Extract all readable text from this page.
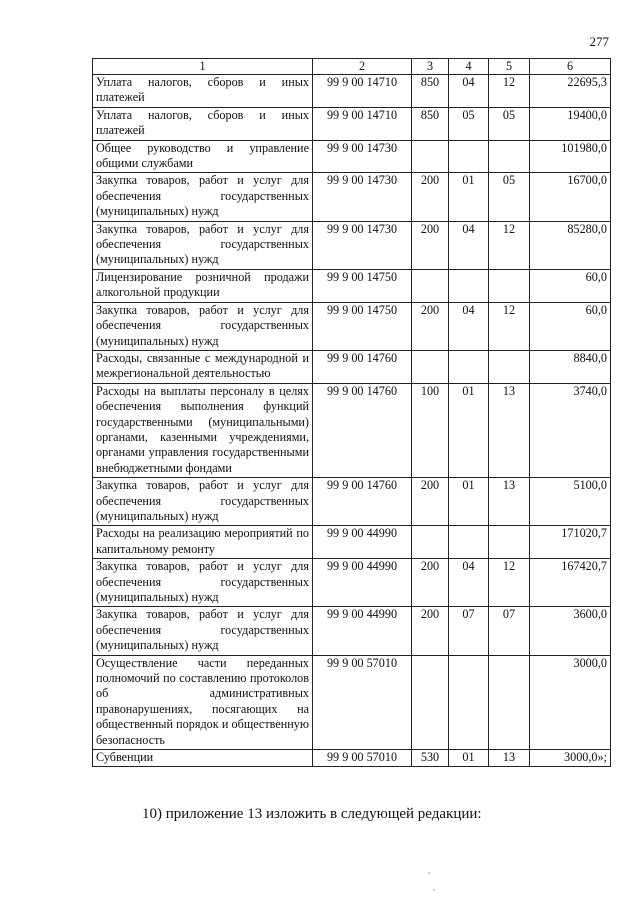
277
1	2	3	4	5	6
Уплата налогов, сборов и иных платежей	99 9 00 14710	850	04	12	22695,3
Уплата налогов, сборов и иных платежей	99 9 00 14710	850	05	05	19400,0
Общее руководство и управление общими службами	99 9 00 14730				101980,0
Закупка товаров, работ и услуг для обеспечения государственных (муниципальных) нужд	99 9 00 14730	200	01	05	16700,0
Закупка товаров, работ и услуг для обеспечения государственных (муниципальных) нужд	99 9 00 14730	200	04	12	85280,0
Лицензирование розничной продажи алкогольной продукции	99 9 00 14750				60,0
Закупка товаров, работ и услуг для обеспечения государственных (муниципальных) нужд	99 9 00 14750	200	04	12	60,0
Расходы, связанные с международной и межрегиональной деятельностью	99 9 00 14760				8840,0
Расходы на выплаты персоналу в целях обеспечения выполнения функций государственными (муниципальными) органами, казенными учреждениями, органами управления государственными внебюджетными фондами	99 9 00 14760	100	01	13	3740,0
Закупка товаров, работ и услуг для обеспечения государственных (муниципальных) нужд	99 9 00 14760	200	01	13	5100,0
Расходы на реализацию мероприятий по капитальному ремонту	99 9 00 44990				171020,7
Закупка товаров, работ и услуг для обеспечения государственных (муниципальных) нужд	99 9 00 44990	200	04	12	167420,7
Закупка товаров, работ и услуг для обеспечения государственных (муниципальных) нужд	99 9 00 44990	200	07	07	3600,0
Осуществление части переданных полномочий по составлению протоколов об административных правонарушениях, посягающих на общественный порядок и общественную безопасность	99 9 00 57010				3000,0
Субвенции	99 9 00 57010	530	01	13	3000,0»;
10) приложение 13 изложить в следующей редакции:
